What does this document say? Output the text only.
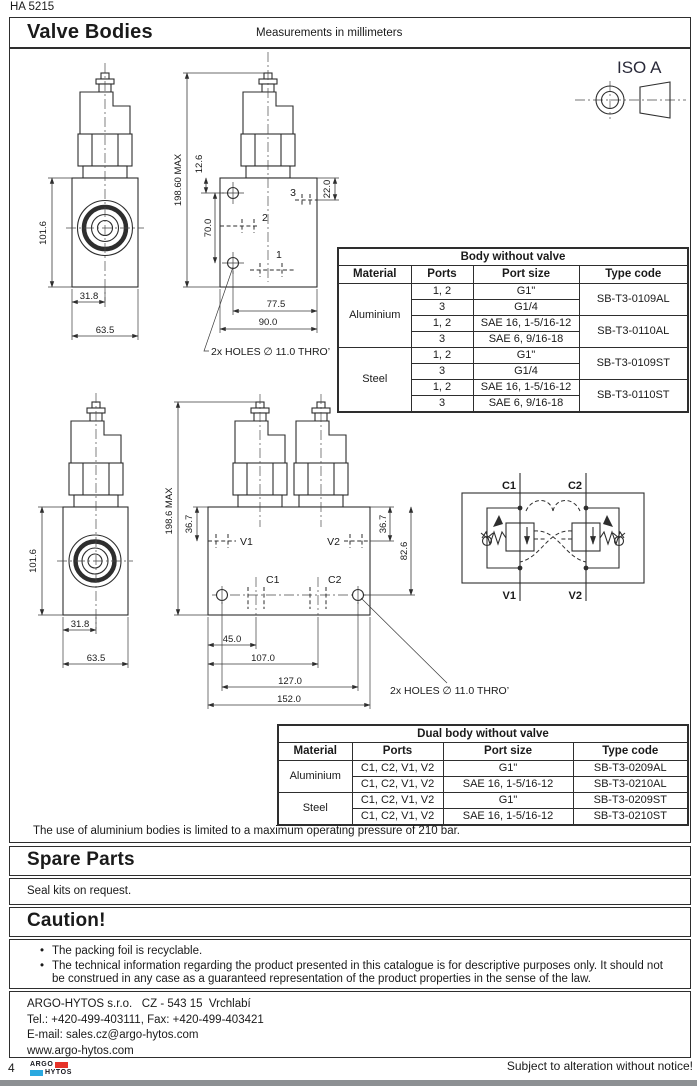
HA 5215
Valve Bodies	Measurements in millimeters
101.6
31.8
63.5
3
2
1
198.60 MAX 12.6
70.0
22.0
77.5
90.0
2x HOLES ∅ 11.0 THRO’
ISO A
101.6
31.8
63.5
V1	V2
C1	C2
198.6 MAX 36.7	36.7
82.6
45.0
107.0
127.0
152.0
2x HOLES ∅ 11.0 THRO’
C1	C2
V1	V2
Body without valve			
Material	Ports	Port size	Type code
Aluminium	1, 2	G1"	SB-T3-0109AL
	3	G1/4	
	1, 2	SAE 16, 1-5/16-12	SB-T3-0110AL
	3	SAE 6, 9/16-18	
Steel	1, 2	G1"	SB-T3-0109ST
	3	G1/4	
	1, 2	SAE 16, 1-5/16-12	SB-T3-0110ST
	3	SAE 6, 9/16-18	
Dual body without valve			
Material	Ports	Port size	Type code
Aluminium	C1, C2, V1, V2	G1"	SB-T3-0209AL
	C1, C2, V1, V2	SAE 16, 1-5/16-12	SB-T3-0210AL
Steel	C1, C2, V1, V2	G1"	SB-T3-0209ST
	C1, C2, V1, V2	SAE 16, 1-5/16-12	SB-T3-0210ST
The use of aluminium bodies is limited to a maximum operating pressure of 210 bar.
Spare Parts
Seal kits on request.
Caution!
• The packing foil is recyclable.
• The technical information regarding the product presented in this catalogue is for descriptive purposes only. It should not be construed in any case as a guaranteed representation of the product properties in the sense of the law.
ARGO-HYTOS s.r.o.   CZ - 543 15  Vrchlabí
Tel.: +420-499-403111, Fax: +420-499-403421
E-mail: sales.cz@argo-hytos.com
www.argo-hytos.com
4 ARGO
HYTOS	Subject to alteration without notice!
